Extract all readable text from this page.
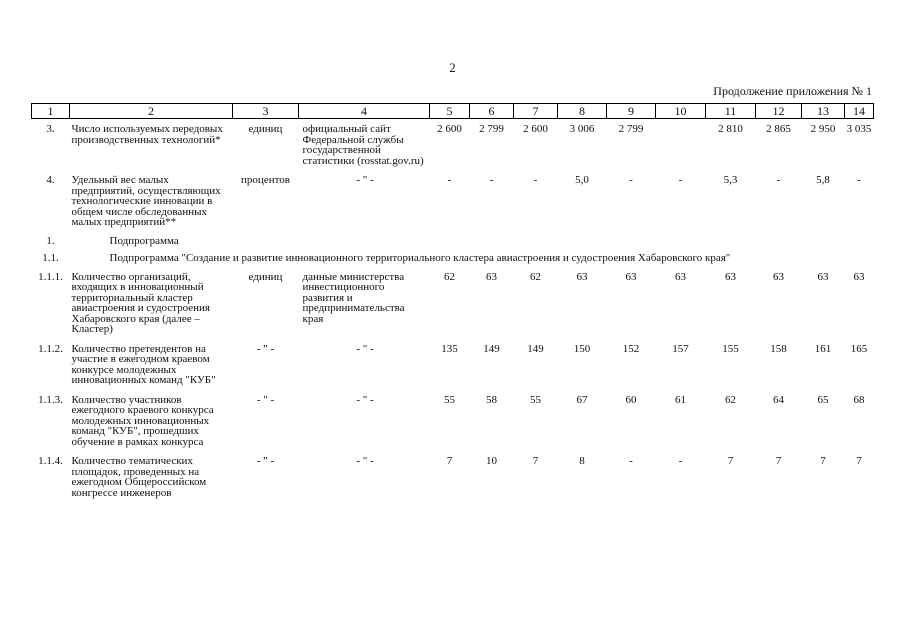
2
Продолжение приложения № 1
1	2	3	4	5	6	7	8	9	10	11	12	13	14
3.	Число используемых передовых производственных технологий*	единиц	официальный сайт Федеральной службы государственной статистики (rosstat.gov.ru)	2 600	2 799	2 600	3 006	2 799		2 810	2 865	2 950	3 035
4.	Удельный вес малых предприятий, осуществляющих технологические инновации в общем числе обследованных малых предприятий**	процентов	- " -	-	-	-	5,0	-	-	5,3	-	5,8	-
1.	Подпрограмма												
1.1.	Подпрограмма "Создание и развитие инновационного территориального кластера авиастроения и судостроения Хабаровского края"												
1.1.1.	Количество организаций, входящих в инновационный территориальный кластер авиастроения и судостроения Хабаровского края (далее – Кластер)	единиц	данные министерства инвестиционного развития и предпринимательства края	62	63	62	63	63	63	63	63	63	63
1.1.2.	Количество претендентов на участие в ежегодном краевом конкурсе молодежных инновационных команд "КУБ"	- " -	- " -	135	149	149	150	152	157	155	158	161	165
1.1.3.	Количество участников ежегодного краевого конкурса молодежных инновационных команд "КУБ", прошедших обучение в рамках конкурса	- " -	- " -	55	58	55	67	60	61	62	64	65	68
1.1.4.	Количество тематических площадок, проведенных на ежегодном Общероссийском конгрессе инженеров	- " -	- " -	7	10	7	8	-	-	7	7	7	7
